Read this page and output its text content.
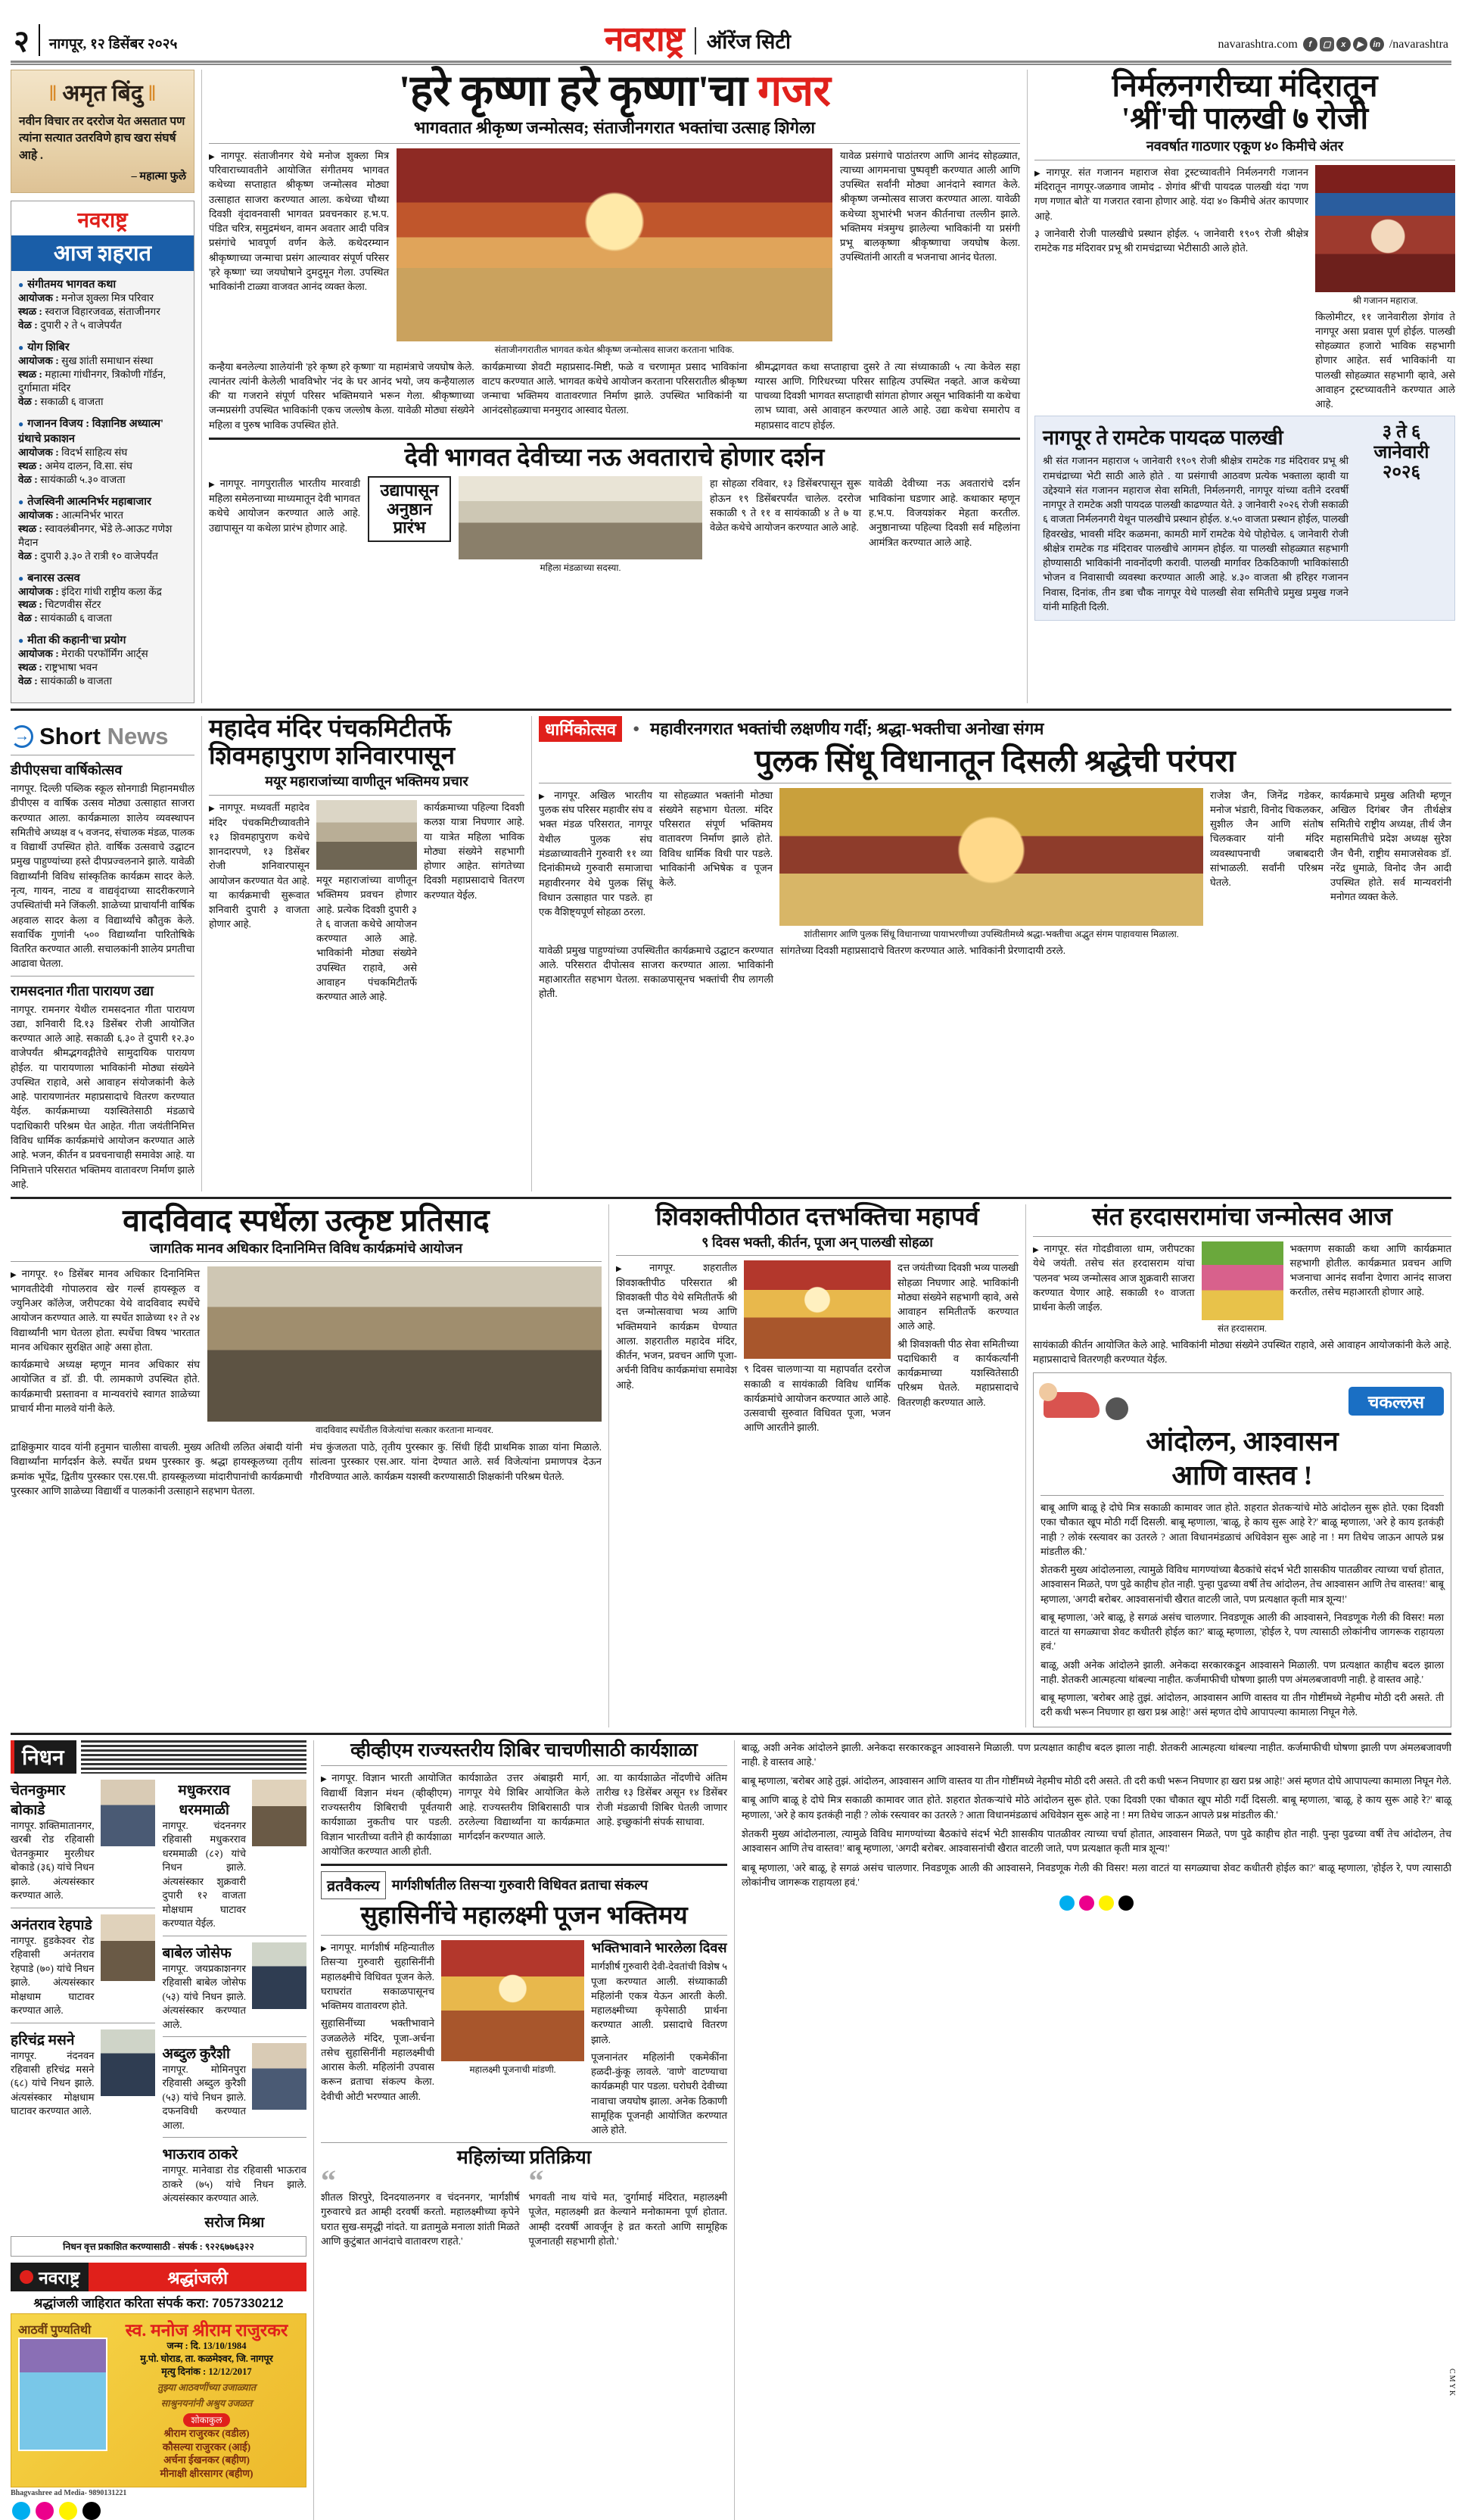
२ नागपूर, १२ डिसेंबर २०२५	नवराष्ट्र ऑरेंज सिटी	navarashtra.com f ▢ x ▶ in	/navarashtra
‖ अमृत बिंदु ‖
नवीन विचार तर दररोज येत असतात पण त्यांना सत्यात उतरविणे हाच खरा संघर्ष आहे .
– महात्मा फुले
नवराष्ट्र
आज शहरात
● संगीतमय भागवत कथा
आयोजक : मनोज शुक्ला मित्र परिवार
स्थळ : स्वराज विहारजवळ, संताजीनगर
वेळ : दुपारी २ ते ५ वाजेपर्यंत
● योग शिबिर
आयोजक : सुख शांती समाधान संस्था
स्थळ : महात्मा गांधीनगर, त्रिकोणी गॉर्डन, दुर्गामाता मंदिर
वेळ : सकाळी ६ वाजता
● गजानन विजय : विज्ञानिष्ठ अध्यात्म' ग्रंथाचे प्रकाशन
आयोजक : विदर्भ साहित्य संघ
स्थळ : अमेय दालन, वि.सा. संघ
वेळ : सायंकाळी ५.३० वाजता
● तेजस्विनी आत्मनिर्भर महाबाजार
आयोजक : आत्मनिर्भर भारत
स्थळ : स्वावलंबीनगर, भेंडे ले-आऊट गणेश मैदान
वेळ : दुपारी ३.३० ते रात्री १० वाजेपर्यंत
● बनारस उत्सव
आयोजक : इंदिरा गांधी राष्ट्रीय कला केंद्र
स्थळ : चिटणवीस सेंटर
वेळ : सायंकाळी ६ वाजता
● मीता की कहानी'चा प्रयोग
आयोजक : मेराकी परफॉर्मिंग आर्ट्स
स्थळ : राष्ट्रभाषा भवन
वेळ : सायंकाळी ७ वाजता
'हरे कृष्णा हरे कृष्णा'चा गजर
भागवतात श्रीकृष्ण जन्मोत्सव; संताजीनगरात भक्तांचा उत्साह शिगेला
▶ नागपूर. संताजीनगर येथे मनोज शुक्ला मित्र परिवाराच्यावतीने आयोजित संगीतमय भागवत कथेच्या सप्ताहात श्रीकृष्ण जन्मोत्सव मोठ्या उत्साहात साजरा करण्यात आला. कथेच्या चौथ्या दिवशी वृंदावनवासी भागवत प्रवचनकार ह.भ.प. पंडित चरित्र, समुद्रमंथन, वामन अवतार आदी पवित्र प्रसंगांचे भावपूर्ण वर्णन केले. कथेदरम्यान श्रीकृष्णाच्या जन्माचा प्रसंग आल्यावर संपूर्ण परिसर 'हरे कृष्णा' च्या जयघोषाने दुमदुमून गेला. उपस्थित भाविकांनी टाळ्या वाजवत आनंद व्यक्त केला.
संताजीनगरातील भागवत कथेत श्रीकृष्ण जन्मोत्सव साजरा करताना भाविक.
यावेळ प्रसंगाचे पाठांतरण आणि आनंद सोहळ्यात, त्याच्या आगमनाचा पुष्पवृष्टी करण्यात आली आणि उपस्थित सर्वांनी मोठ्या आनंदाने स्वागत केले. श्रीकृष्ण जन्मोत्सव साजरा करण्यात आला. यावेळी कथेच्या शुभारंभी भजन कीर्तनाचा तल्लीन झाले. भक्तिमय मंत्रमुग्ध झालेल्या भाविकांनी या प्रसंगी प्रभू बालकृष्णा श्रीकृष्णाचा जयघोष केला. उपस्थितांनी आरती व भजनाचा आनंद घेतला.
कन्हैया बनलेल्या शालेयांनी 'हरे कृष्ण हरे कृष्णा' या महामंत्राचे जयघोष केले. त्यानंतर त्यांनी केलेली भावविभोर 'नंद के घर आनंद भयो, जय कन्हैयालाल की' या गजराने संपूर्ण परिसर भक्तिमयाने भरून गेला. श्रीकृष्णाच्या जन्मप्रसंगी उपस्थित भाविकांनी एकच जल्लोष केला. यावेळी मोठ्या संख्येने महिला व पुरुष भाविक उपस्थित होते.
कार्यक्रमाच्या शेवटी महाप्रसाद-मिष्टी, फळे व चरणामृत प्रसाद भाविकांना वाटप करण्यात आले. भागवत कथेचे आयोजन करताना परिसरातील श्रीकृष्ण जन्माचा भक्तिमय वातावरणात निर्माण झाले. उपस्थित भाविकांनी या आनंदसोहळ्याचा मनमुराद आस्वाद घेतला.
श्रीमद्भागवत कथा सप्ताहाचा दुसरे ते त्या संध्याकाळी ५ त्या केवेल सहा ग्यारस आणि. गिरिधरच्या परिसर साहित्य उपस्थित नव्हते. आज कथेच्या पाचव्या दिवशी भागवत सप्ताहाची सांगता होणार असून भाविकांनी या कथेचा लाभ घ्यावा, असे आवाहन करण्यात आले आहे. उद्या कथेचा समारोप व महाप्रसाद वाटप होईल.
देवी भागवत देवीच्या नऊ अवताराचे होणार दर्शन
▶ नागपूर. नागपुरातील भारतीय मारवाडी महिला समेलनाच्या माध्यमातून देवी भागवत कथेचे आयोजन करण्यात आले आहे. उद्यापासून या कथेला प्रारंभ होणार आहे.
उद्यापासून अनुष्ठान प्रारंभ
महिला मंडळाच्या सदस्या.
हा सोहळा रविवार, १३ डिसेंबरपासून सुरू होऊन १९ डिसेंबरपर्यंत चालेल. दररोज सकाळी ९ ते ११ व सायंकाळी ४ ते ७ या वेळेत कथेचे आयोजन करण्यात आले आहे.
यावेळी देवीच्या नऊ अवतारांचे दर्शन भाविकांना घडणार आहे. कथाकार म्हणून ह.भ.प. विजयशंकर मेहता करतील. अनुष्ठानाच्या पहिल्या दिवशी सर्व महिलांना आमंत्रित करण्यात आले आहे.
निर्मलनगरीच्या मंदिरातून
'श्रीं'ची पालखी ७ रोजी
नववर्षात गाठणार एकूण ४० किमीचे अंतर
▶ नागपूर. संत गजानन महाराज सेवा ट्रस्टच्यावतीने निर्मलनगरी गजानन मंदिरातून नागपूर-जळगाव जामोद - शेगांव श्रीं'ची पायदळ पालखी यंदा 'गण गण गणात बोते' या गजरात रवाना होणार आहे. यंदा ४० किमीचे अंतर कापणार आहे.
३ जानेवारी रोजी पालखीचे प्रस्थान होईल. ५ जानेवारी १९०९ रोजी श्रीक्षेत्र रामटेक गड मंदिरावर प्रभू श्री रामचंद्राच्या भेटीसाठी आले होते.
श्री गजानन महाराज.
किलोमीटर, ११ जानेवारीला शेगांव ते नागपूर असा प्रवास पूर्ण होईल. पालखी सोहळ्यात हजारो भाविक सहभागी होणार आहेत. सर्व भाविकांनी या पालखी सोहळ्यात सहभागी व्हावे, असे आवाहन ट्रस्टच्यावतीने करण्यात आले आहे.
नागपूर ते रामटेक पायदळ पालखी
श्री संत गजानन महाराज ५ जानेवारी १९०९ रोजी श्रीक्षेत्र रामटेक गड मंदिरावर प्रभू श्री रामचंद्राच्या भेटी साठी आले होते . या प्रसंगाची आठवण प्रत्येक भक्ताला व्हावी या उद्देश्याने संत गजानन महाराज सेवा समिती, निर्मलनगरी, नागपूर यांच्या वतीने दरवर्षी नागपूर ते रामटेक अशी पायदळ पालखी काढण्यात येते. ३ जानेवारी २०२६ रोजी सकाळी ६ वाजता निर्मलनगरी येथून पालखीचे प्रस्थान होईल. ४.५० वाजता प्रस्थान होईल, पालखी हिवरखेड, भावसी मंदिर कळमना, कामठी मार्गे रामटेक येथे पोहोचेल. ६ जानेवारी रोजी श्रीक्षेत्र रामटेक गड मंदिरावर पालखीचे आगमन होईल. या पालखी सोहळ्यात सहभागी होण्यासाठी भाविकांनी नावनोंदणी करावी. पालखी मार्गावर ठिकठिकाणी भाविकांसाठी भोजन व निवासाची व्यवस्था करण्यात आली आहे. ४.३० वाजता श्री हरिहर गजानन निवास, दिनांक, तीन डबा चौक नागपूर येथे पालखी सेवा समितीचे प्रमुख प्रमुख गजने यांनी माहिती दिली.
३ ते ६ जानेवारी २०२६
→
Short News
डीपीएसचा वार्षिकोत्सव
नागपूर. दिल्ली पब्लिक स्कूल सोनगाडी मिहानमधील डीपीएस व वार्षिक उत्सव मोठ्या उत्साहात साजरा करण्यात आला. कार्यक्रमाला शालेय व्यवस्थापन समितीचे अध्यक्ष व ५ वजनद, संचालक मंडळ, पालक व विद्यार्थी उपस्थित होते. वार्षिक उत्सवाचे उद्घाटन प्रमुख पाहुण्यांच्या हस्ते दीपप्रज्वलनाने झाले. यावेळी विद्यार्थ्यांनी विविध सांस्कृतिक कार्यक्रम सादर केले. नृत्य, गायन, नाट्य व वाद्यवृंदाच्या सादरीकरणाने उपस्थितांची मने जिंकली. शाळेच्या प्राचार्यांनी वार्षिक अहवाल सादर केला व विद्यार्थ्यांचे कौतुक केले. सवार्धिक गुणांनी ५०० विद्यार्थ्यांना पारितोषिके वितरित करण्यात आली. सचालकांनी शालेय प्रगतीचा आढावा घेतला.
रामसदनात गीता पारायण उद्या
नागपूर. रामनगर येथील रामसदनात गीता पारायण उद्या, शनिवारी दि.१३ डिसेंबर रोजी आयोजित करण्यात आले आहे. सकाळी ६.३० ते दुपारी १२.३० वाजेपर्यंत श्रीमद्भगवद्गीतेचे सामुदायिक पारायण होईल. या पारायणाला भाविकांनी मोठ्या संख्येने उपस्थित राहावे, असे आवाहन संयोजकांनी केले आहे. पारायणानंतर महाप्रसादाचे वितरण करण्यात येईल. कार्यक्रमाच्या यशस्वितेसाठी मंडळाचे पदाधिकारी परिश्रम घेत आहेत. गीता जयंतीनिमित्त विविध धार्मिक कार्यक्रमांचे आयोजन करण्यात आले आहे. भजन, कीर्तन व प्रवचनाचाही समावेश आहे. या निमित्ताने परिसरात भक्तिमय वातावरण निर्माण झाले आहे.
महादेव मंदिर पंचकमिटीतर्फे
शिवमहापुराण शनिवारपासून
मयूर महाराजांच्या वाणीतून भक्तिमय प्रचार
▶ नागपूर. मध्यवर्ती महादेव मंदिर पंचकमिटीच्यावतीने १३ शिवमहापुराण कथेचे शानदारपणे, १३ डिसेंबर रोजी शनिवारपासून आयोजन करण्यात येत आहे. या कार्यक्रमाची सुरूवात शनिवारी दुपारी ३ वाजता होणार आहे.
मयूर महाराजांच्या वाणीतून भक्तिमय प्रवचन होणार आहे. प्रत्येक दिवशी दुपारी ३ ते ६ वाजता कथेचे आयोजन करण्यात आले आहे. भाविकांनी मोठ्या संख्येने उपस्थित राहावे, असे आवाहन पंचकमिटीतर्फे करण्यात आले आहे.
कार्यक्रमाच्या पहिल्या दिवशी कलश यात्रा निघणार आहे. या यात्रेत महिला भाविक मोठ्या संख्येने सहभागी होणार आहेत. सांगतेच्या दिवशी महाप्रसादाचे वितरण करण्यात येईल.
धार्मिकोत्सव ●	महावीरनगरात भक्तांची लक्षणीय गर्दी; श्रद्धा-भक्तीचा अनोखा संगम
पुलक सिंधू विधानातून दिसली श्रद्धेची परंपरा
▶ नागपूर. अखिल भारतीय पुलक संघ परिसर महावीर संघ व भक्त मंडळ परिसरात, नागपूर येथील पुलक संघ मंडळाच्यावतीने गुरुवारी ११ व्या दिनांकीमध्ये गुरुवारी समाजाचा महावीरनगर येथे पुलक सिंधू विधान उत्साहात पार पडले. हा एक वैशिष्ट्यपूर्ण सोहळा ठरला.
या सोहळ्यात भक्तांनी मोठ्या संख्येने सहभाग घेतला. मंदिर परिसरात संपूर्ण भक्तिमय वातावरण निर्माण झाले होते. विविध धार्मिक विधी पार पडले. भाविकांनी अभिषेक व पूजन केले.
शांतीसागर आणि पुलक सिंधू विधानाच्या पायाभरणीच्या उपस्थितीमध्ये श्रद्धा-भक्तीचा अद्भुत संगम पाहावयास मिळाला.
राजेश जैन, जिनेंद्र गडेकर, मनोज भंडारी, विनोद चिकलकर, सुशील जैन आणि संतोष चिलकवार यांनी मंदिर व्यवस्थापनाची जबाबदारी सांभाळली. सर्वांनी परिश्रम घेतले.
कार्यक्रमाचे प्रमुख अतिथी म्हणून अखिल दिगंबर जैन तीर्थक्षेत्र समितीचे राष्ट्रीय अध्यक्ष, तीर्थ जैन महासमितीचे प्रदेश अध्यक्ष सुरेश जैन चैनी, राष्ट्रीय समाजसेवक डॉ. नरेंद्र धुमाळे, विनोद जैन आदी उपस्थित होते. सर्व मान्यवरांनी मनोगत व्यक्त केले.
यावेळी प्रमुख पाहुण्यांच्या उपस्थितीत कार्यक्रमाचे उद्घाटन करण्यात आले. परिसरात दीपोत्सव साजरा करण्यात आला. भाविकांनी महाआरतीत सहभाग घेतला. सकाळपासूनच भक्तांची रीघ लागली होती.
सांगतेच्या दिवशी महाप्रसादाचे वितरण करण्यात आले. भाविकांनी प्रेरणादायी ठरले.
वादविवाद स्पर्धेला उत्कृष्ट प्रतिसाद
जागतिक मानव अधिकार दिनानिमित्त विविध कार्यक्रमांचे आयोजन
▶ नागपूर. १० डिसेंबर मानव अधिकार दिनानिमित्त भागवतीदेवी गोपालराव खेर गर्ल्स हायस्कूल व ज्युनिअर कॉलेज, जरीपटका येथे वादविवाद स्पर्धेचे आयोजन करण्यात आले. या स्पर्धेत शाळेच्या १२ ते २४ विद्यार्थ्यांनी भाग घेतला होता. स्पर्धेचा विषय 'भारतात मानव अधिकार सुरक्षित आहे' असा होता.
कार्यक्रमाचे अध्यक्ष म्हणून मानव अधिकार संघ आयोजित व डॉ. डी. पी. लामकाणे उपस्थित होते. कार्यक्रमाची प्रस्तावना व मान्यवरांचे स्वागत शाळेच्या प्राचार्य मीना मालवे यांनी केले.
वादविवाद स्पर्धेतील विजेत्यांचा सत्कार करताना मान्यवर.
द्राक्षिकुमार यादव यांनी हनुमान चालीसा वाचली. मुख्य अतिथी ललित अंबादी यांनी विद्यार्थ्यांना मार्गदर्शन केले. स्पर्धेत प्रथम पुरस्कार कु. श्रद्धा हायस्कूलच्या तृतीय क्रमांक भूपेंद्र, द्वितीय पुरस्कार एस.एस.पी. हायस्कूलच्या मांदारीपानांची कार्यक्रमाची पुरस्कार आणि शाळेच्या विद्यार्थी व पालकांनी उत्साहाने सहभाग घेतला.
मंच कुंजलता पाठे, तृतीय पुरस्कार कु. सिंधी हिंदी प्राथमिक शाळा यांना मिळाले. सांत्वना पुरस्कार एस.आर. यांना देण्यात आले. सर्व विजेत्यांना प्रमाणपत्र देऊन गौरविण्यात आले. कार्यक्रम यशस्वी करण्यासाठी शिक्षकांनी परिश्रम घेतले.
शिवशक्तीपीठात दत्तभक्तिचा महापर्व
९ दिवस भक्ती, कीर्तन, पूजा अन् पालखी सोहळा
▶ नागपूर. शहरातील शिवशक्तीपीठ परिसरात श्री शिवशक्ती पीठ येथे समितीतर्फे श्री दत्त जन्मोत्सवाचा भव्य आणि भक्तिमयाने कार्यक्रम घेण्यात आला. शहरातील महादेव मंदिर, कीर्तन, भजन, प्रवचन आणि पूजा-अर्चनी विविध कार्यक्रमांचा समावेश आहे.
९ दिवस चालणाऱ्या या महापर्वात दररोज सकाळी व सायंकाळी विविध धार्मिक कार्यक्रमांचे आयोजन करण्यात आले आहे. उत्सवाची सुरुवात विधिवत पूजा, भजन आणि आरतीने झाली.
दत्त जयंतीच्या दिवशी भव्य पालखी सोहळा निघणार आहे. भाविकांनी मोठ्या संख्येने सहभागी व्हावे, असे आवाहन समितीतर्फे करण्यात आले आहे.
श्री शिवशक्ती पीठ सेवा समितीच्या पदाधिकारी व कार्यकर्त्यांनी कार्यक्रमाच्या यशस्वितेसाठी परिश्रम घेतले. महाप्रसादाचे वितरणही करण्यात आले.
संत हरदासरामांचा जन्मोत्सव आज
▶ नागपूर. संत गोदडीवाला धाम, जरीपटका येथे जयंती. तसेच संत हरदासराम यांचा 'पलनव' भव्य जन्मोत्सव आज शुक्रवारी साजरा करण्यात येणार आहे. सकाळी १० वाजता प्रार्थना केली जाईल.
संत हरदासराम.
भक्तगण सकाळी कथा आणि कार्यक्रमात सहभागी होतील. कार्यक्रमात प्रवचन आणि भजनाचा आनंद सर्वांना देणारा आनंद साजरा करतील, तसेच महाआरती होणार आहे.
सायंकाळी कीर्तन आयोजित केले आहे. भाविकांनी मोठ्या संख्येने उपस्थित राहावे, असे आवाहन आयोजकांनी केले आहे. महाप्रसादाचे वितरणही करण्यात येईल.
चकल्लस
आंदोलन, आश्वासन
आणि वास्तव !
बाबू आणि बाळू हे दोघे मित्र सकाळी कामावर जात होते. शहरात शेतकऱ्यांचे मोठे आंदोलन सुरू होते. एका दिवशी एका चौकात खूप मोठी गर्दी दिसली. बाबू म्हणाला, 'बाळू, हे काय सुरू आहे रे?' बाळू म्हणाला, 'अरे हे काय इतकंही नाही ? लोकं रस्त्यावर का उतरले ? आता विधानमंडळाचं अधिवेशन सुरू आहे ना ! मग तिथेच जाऊन आपले प्रश्न मांडतील की.'
शेतकरी मुख्य आंदोलनाला, त्यामुळे विविध मागण्यांच्या बैठकांचे संदर्भ भेटी शासकीय पातळीवर त्याच्या चर्चा होतात, आश्वासन मिळते, पण पुढे काहीच होत नाही. पुन्हा पुढच्या वर्षी तेच आंदोलन, तेच आश्वासन आणि तेच वास्तव!' बाबू म्हणाला, 'अगदी बरोबर. आश्वासनांची खैरात वाटली जाते, पण प्रत्यक्षात कृती मात्र शून्य!'
बाबू म्हणाला, 'अरे बाळू, हे सगळं असंच चालणार. निवडणूक आली की आश्वासने, निवडणूक गेली की विसर! मला वाटतं या सगळ्याचा शेवट कधीतरी होईल का?' बाळू म्हणाला, 'होईल रे, पण त्यासाठी लोकांनीच जागरूक राहायला हवं.'
बाळू, अशी अनेक आंदोलने झाली. अनेकदा सरकारकडून आश्वासने मिळाली. पण प्रत्यक्षात काहीच बदल झाला नाही. शेतकरी आत्महत्या थांबल्या नाहीत. कर्जमाफीची घोषणा झाली पण अंमलबजावणी नाही. हे वास्तव आहे.'
बाबू म्हणाला, 'बरोबर आहे तुझं. आंदोलन, आश्वासन आणि वास्तव या तीन गोष्टींमध्ये नेहमीच मोठी दरी असते. ती दरी कधी भरून निघणार हा खरा प्रश्न आहे!' असं म्हणत दोघे आपापल्या कामाला निघून गेले.
निधन
चेतनकुमार बोकाडे
नागपूर. शक्तिमातानगर, खरबी रोड रहिवासी चेतनकुमार मुरलीधर बोकाडे (३६) यांचे निधन झाले. अंत्यसंस्कार करण्यात आले.
अनंतराव रेहपाडे
नागपूर. हुडकेश्वर रोड रहिवासी अनंतराव रेहपाडे (७०) यांचे निधन झाले. अंत्यसंस्कार मोक्षधाम घाटावर करण्यात आले.
हरिचंद्र मसने
नागपूर. नंदनवन रहिवासी हरिचंद्र मसने (६८) यांचे निधन झाले. अंत्यसंस्कार मोक्षधाम घाटावर करण्यात आले.
मधुकरराव धरममाळी
नागपूर. चंदननगर रहिवासी मधुकरराव धरममाळी (८२) यांचे निधन झाले. अंत्यसंस्कार शुक्रवारी दुपारी १२ वाजता मोक्षधाम घाटावर करण्यात येईल.
बाबेल जोसेफ
नागपूर. जयप्रकाशनगर रहिवासी बाबेल जोसेफ (५३) यांचे निधन झाले. अंत्यसंस्कार करण्यात आले.
अब्दुल कुरैशी
नागपूर. मोमिनपुरा रहिवासी अब्दुल कुरैशी (५३) यांचे निधन झाले. दफनविधी करण्यात आला.
भाऊराव ठाकरे
नागपूर. मानेवाडा रोड रहिवासी भाऊराव ठाकरे (७५) यांचे निधन झाले. अंत्यसंस्कार करण्यात आले.
सरोज मिश्रा
निधन वृत्त प्रकाशित करण्यासाठी - संपर्क : ९२२६७७६३२२
नवराष्ट्र	श्रद्धांजली
श्रद्धांजली जाहिरात करिता संपर्क करा: 7057330212
आठवीं पुण्यतिथी	स्व. मनोज श्रीराम राजुरकर
जन्म : दि. 13/10/1984
मु.पो. घोराड, ता. कळमेश्वर, जि. नागपूर
मृत्यु दिनांक : 12/12/2017
तुझ्या आठवणींच्या उजाळ्यात
साश्रुनयनांनी अश्रुय उजळत
शोकाकुल
श्रीराम राजुरकर (वडील)
कौसल्या राजुरकर (आई)
अर्चना ईखनकर (बहीण)
मीनाक्षी क्षीरसागर (बहीण)
Bhagvashree ad Media- 9890131221
व्हीव्हीएम राज्यस्तरीय शिबिर चाचणीसाठी कार्यशाळा
▶ नागपूर. विज्ञान भारती आयोजित विद्यार्थी विज्ञान मंथन (व्हीव्हीएम) राज्यस्तरीय शिबिराची पूर्वतयारी कार्यशाळा नुकतीच पार पडली. विज्ञान भारतीच्या वतीने ही कार्यशाळा आयोजित करण्यात आली होती.
कार्यशाळेत उत्तर अंबाझरी मार्ग, नागपूर येथे शिबिर आयोजित केले आहे. राज्यस्तरीय शिबिरासाठी पात्र ठरलेल्या विद्यार्थ्यांना या कार्यक्रमात मार्गदर्शन करण्यात आले.
आ. या कार्यशाळेत नोंदणीचे अंतिम तारीख १३ डिसेंबर असून १४ डिसेंबर रोजी मंडळाची शिबिर घेतली जाणार आहे. इच्छुकांनी संपर्क साधावा.
व्रतवैकल्य मार्गशीर्षातील तिसऱ्या गुरुवारी विधिवत व्रताचा संकल्प
सुहासिनींचे महालक्ष्मी पूजन भक्तिमय
▶ नागपूर. मार्गशीर्ष महिन्यातील तिसऱ्या गुरुवारी सुहासिनींनी महालक्ष्मीचे विधिवत पूजन केले. घराघरांत सकाळपासूनच भक्तिमय वातावरण होते.
सुहासिनींच्या भक्तीभावाने उजळलेले मंदिर, पूजा-अर्चना तसेच सुहासिनींनी महालक्ष्मीची आरास केली. महिलांनी उपवास करून व्रताचा संकल्प केला. देवीची ओटी भरण्यात आली.
महालक्ष्मी पूजनाची मांडणी.
भक्तिभावाने भारलेला दिवस
मार्गशीर्ष गुरुवारी देवी-देवतांची विशेष ५ पूजा करण्यात आली. संध्याकाळी महिलांनी एकत्र येऊन आरती केली. महालक्ष्मीच्या कृपेसाठी प्रार्थना करण्यात आली. प्रसादाचे वितरण झाले.
पूजनानंतर महिलांनी एकमेकींना हळदी-कुंकू लावले. 'वाणे' वाटण्याचा कार्यक्रमही पार पडला. घरोघरी देवीच्या नावाचा जयघोष झाला. अनेक ठिकाणी सामूहिक पूजनही आयोजित करण्यात आले होते.
महिलांच्या प्रतिक्रिया
“
शीतल शिरपुरे, दिनदयालनगर व चंदननगर, 'मार्गशीर्ष गुरुवारचे व्रत आम्ही दरवर्षी करतो. महालक्ष्मीच्या कृपेने घरात सुख-समृद्धी नांदते. या व्रतामुळे मनाला शांती मिळते आणि कुटुंबात आनंदाचे वातावरण राहते.'
“
भगवती नाथ यांचे मत, 'दुर्गामाई मंदिरात, महालक्ष्मी पूजेत, महालक्ष्मी व्रत केल्याने मनोकामना पूर्ण होतात. आम्ही दरवर्षी आवर्जून हे व्रत करतो आणि सामूहिक पूजनातही सहभागी होतो.'
बाळू, अशी अनेक आंदोलने झाली. अनेकदा सरकारकडून आश्वासने मिळाली. पण प्रत्यक्षात काहीच बदल झाला नाही. शेतकरी आत्महत्या थांबल्या नाहीत. कर्जमाफीची घोषणा झाली पण अंमलबजावणी नाही. हे वास्तव आहे.'
बाबू म्हणाला, 'बरोबर आहे तुझं. आंदोलन, आश्वासन आणि वास्तव या तीन गोष्टींमध्ये नेहमीच मोठी दरी असते. ती दरी कधी भरून निघणार हा खरा प्रश्न आहे!' असं म्हणत दोघे आपापल्या कामाला निघून गेले.
बाबू आणि बाळू हे दोघे मित्र सकाळी कामावर जात होते. शहरात शेतकऱ्यांचे मोठे आंदोलन सुरू होते. एका दिवशी एका चौकात खूप मोठी गर्दी दिसली. बाबू म्हणाला, 'बाळू, हे काय सुरू आहे रे?' बाळू म्हणाला, 'अरे हे काय इतकंही नाही ? लोकं रस्त्यावर का उतरले ? आता विधानमंडळाचं अधिवेशन सुरू आहे ना ! मग तिथेच जाऊन आपले प्रश्न मांडतील की.'
शेतकरी मुख्य आंदोलनाला, त्यामुळे विविध मागण्यांच्या बैठकांचे संदर्भ भेटी शासकीय पातळीवर त्याच्या चर्चा होतात, आश्वासन मिळते, पण पुढे काहीच होत नाही. पुन्हा पुढच्या वर्षी तेच आंदोलन, तेच आश्वासन आणि तेच वास्तव!' बाबू म्हणाला, 'अगदी बरोबर. आश्वासनांची खैरात वाटली जाते, पण प्रत्यक्षात कृती मात्र शून्य!'
बाबू म्हणाला, 'अरे बाळू, हे सगळं असंच चालणार. निवडणूक आली की आश्वासने, निवडणूक गेली की विसर! मला वाटतं या सगळ्याचा शेवट कधीतरी होईल का?' बाळू म्हणाला, 'होईल रे, पण त्यासाठी लोकांनीच जागरूक राहायला हवं.'
CMYK
